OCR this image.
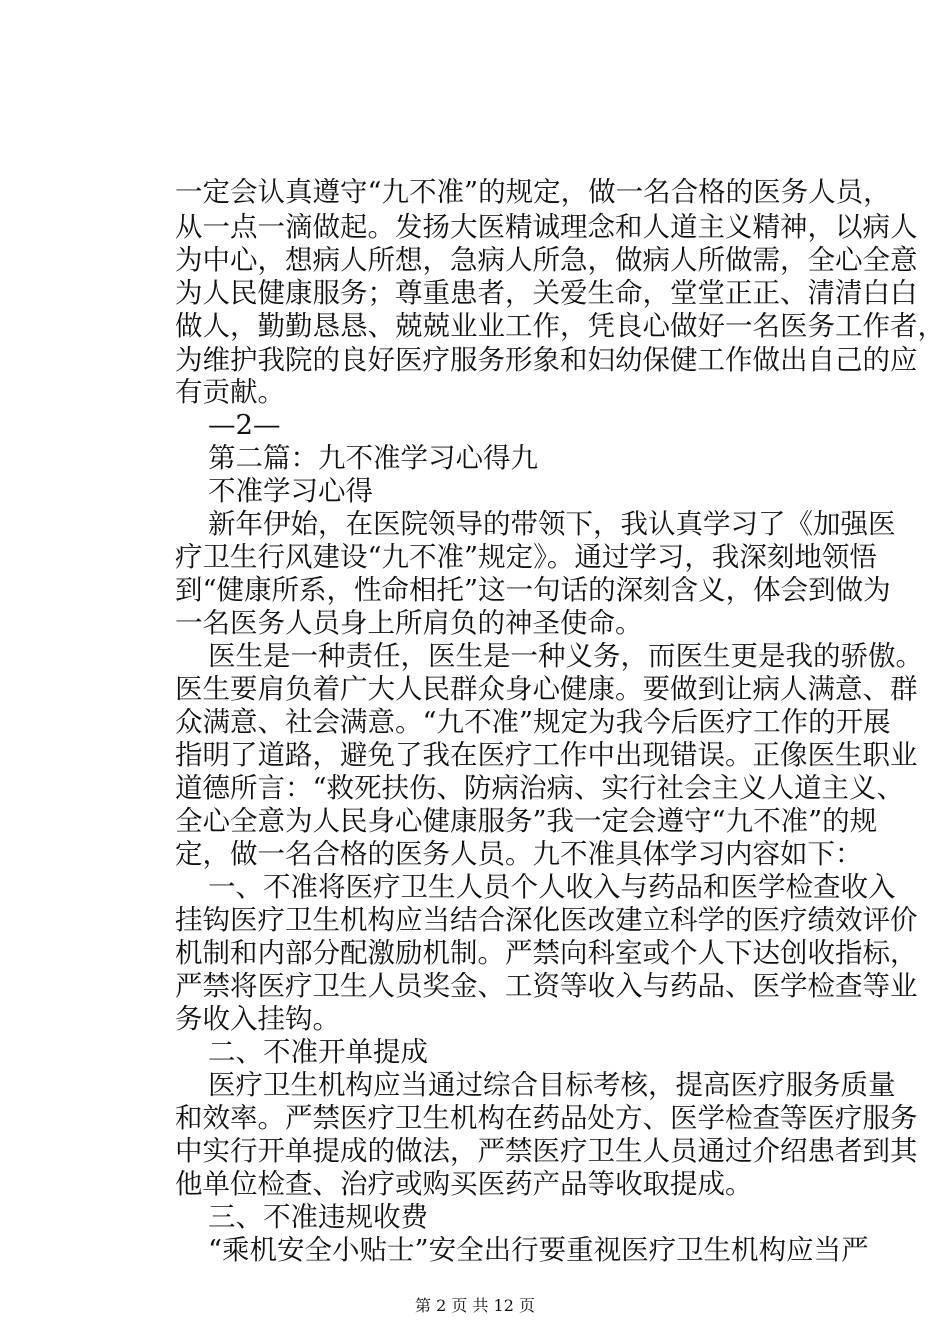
一定会认真遵守“九不准”的规定，做一名合格的医务人员，
从一点一滴做起。发扬大医精诚理念和人道主义精神，以病人
为中心，想病人所想，急病人所急，做病人所做需，全心全意
为人民健康服务；尊重患者，关爱生命，堂堂正正、清清白白
做人，勤勤恳恳、兢兢业业工作，凭良心做好一名医务工作者，
为维护我院的良好医疗服务形象和妇幼保健工作做出自己的应
有贡献。
—2—
第二篇：九不准学习心得九
不准学习心得
新年伊始，在医院领导的带领下，我认真学习了《加强医
疗卫生行风建设“九不准”规定》。通过学习，我深刻地领悟
到“健康所系，性命相托”这一句话的深刻含义，体会到做为
一名医务人员身上所肩负的神圣使命。
医生是一种责任，医生是一种义务，而医生更是我的骄傲。
医生要肩负着广大人民群众身心健康。要做到让病人满意、群
众满意、社会满意。“九不准”规定为我今后医疗工作的开展
指明了道路，避免了我在医疗工作中出现错误。正像医生职业
道德所言：“救死扶伤、防病治病、实行社会主义人道主义、
全心全意为人民身心健康服务”我一定会遵守“九不准”的规
定，做一名合格的医务人员。九不准具体学习内容如下：
一、不准将医疗卫生人员个人收入与药品和医学检查收入
挂钩医疗卫生机构应当结合深化医改建立科学的医疗绩效评价
机制和内部分配激励机制。严禁向科室或个人下达创收指标，
严禁将医疗卫生人员奖金、工资等收入与药品、医学检查等业
务收入挂钩。
二、不准开单提成
医疗卫生机构应当通过综合目标考核，提高医疗服务质量
和效率。严禁医疗卫生机构在药品处方、医学检查等医疗服务
中实行开单提成的做法，严禁医疗卫生人员通过介绍患者到其
他单位检查、治疗或购买医药产品等收取提成。
三、不准违规收费
“乘机安全小贴士”安全出行要重视医疗卫生机构应当严
第 2 页 共 12 页
